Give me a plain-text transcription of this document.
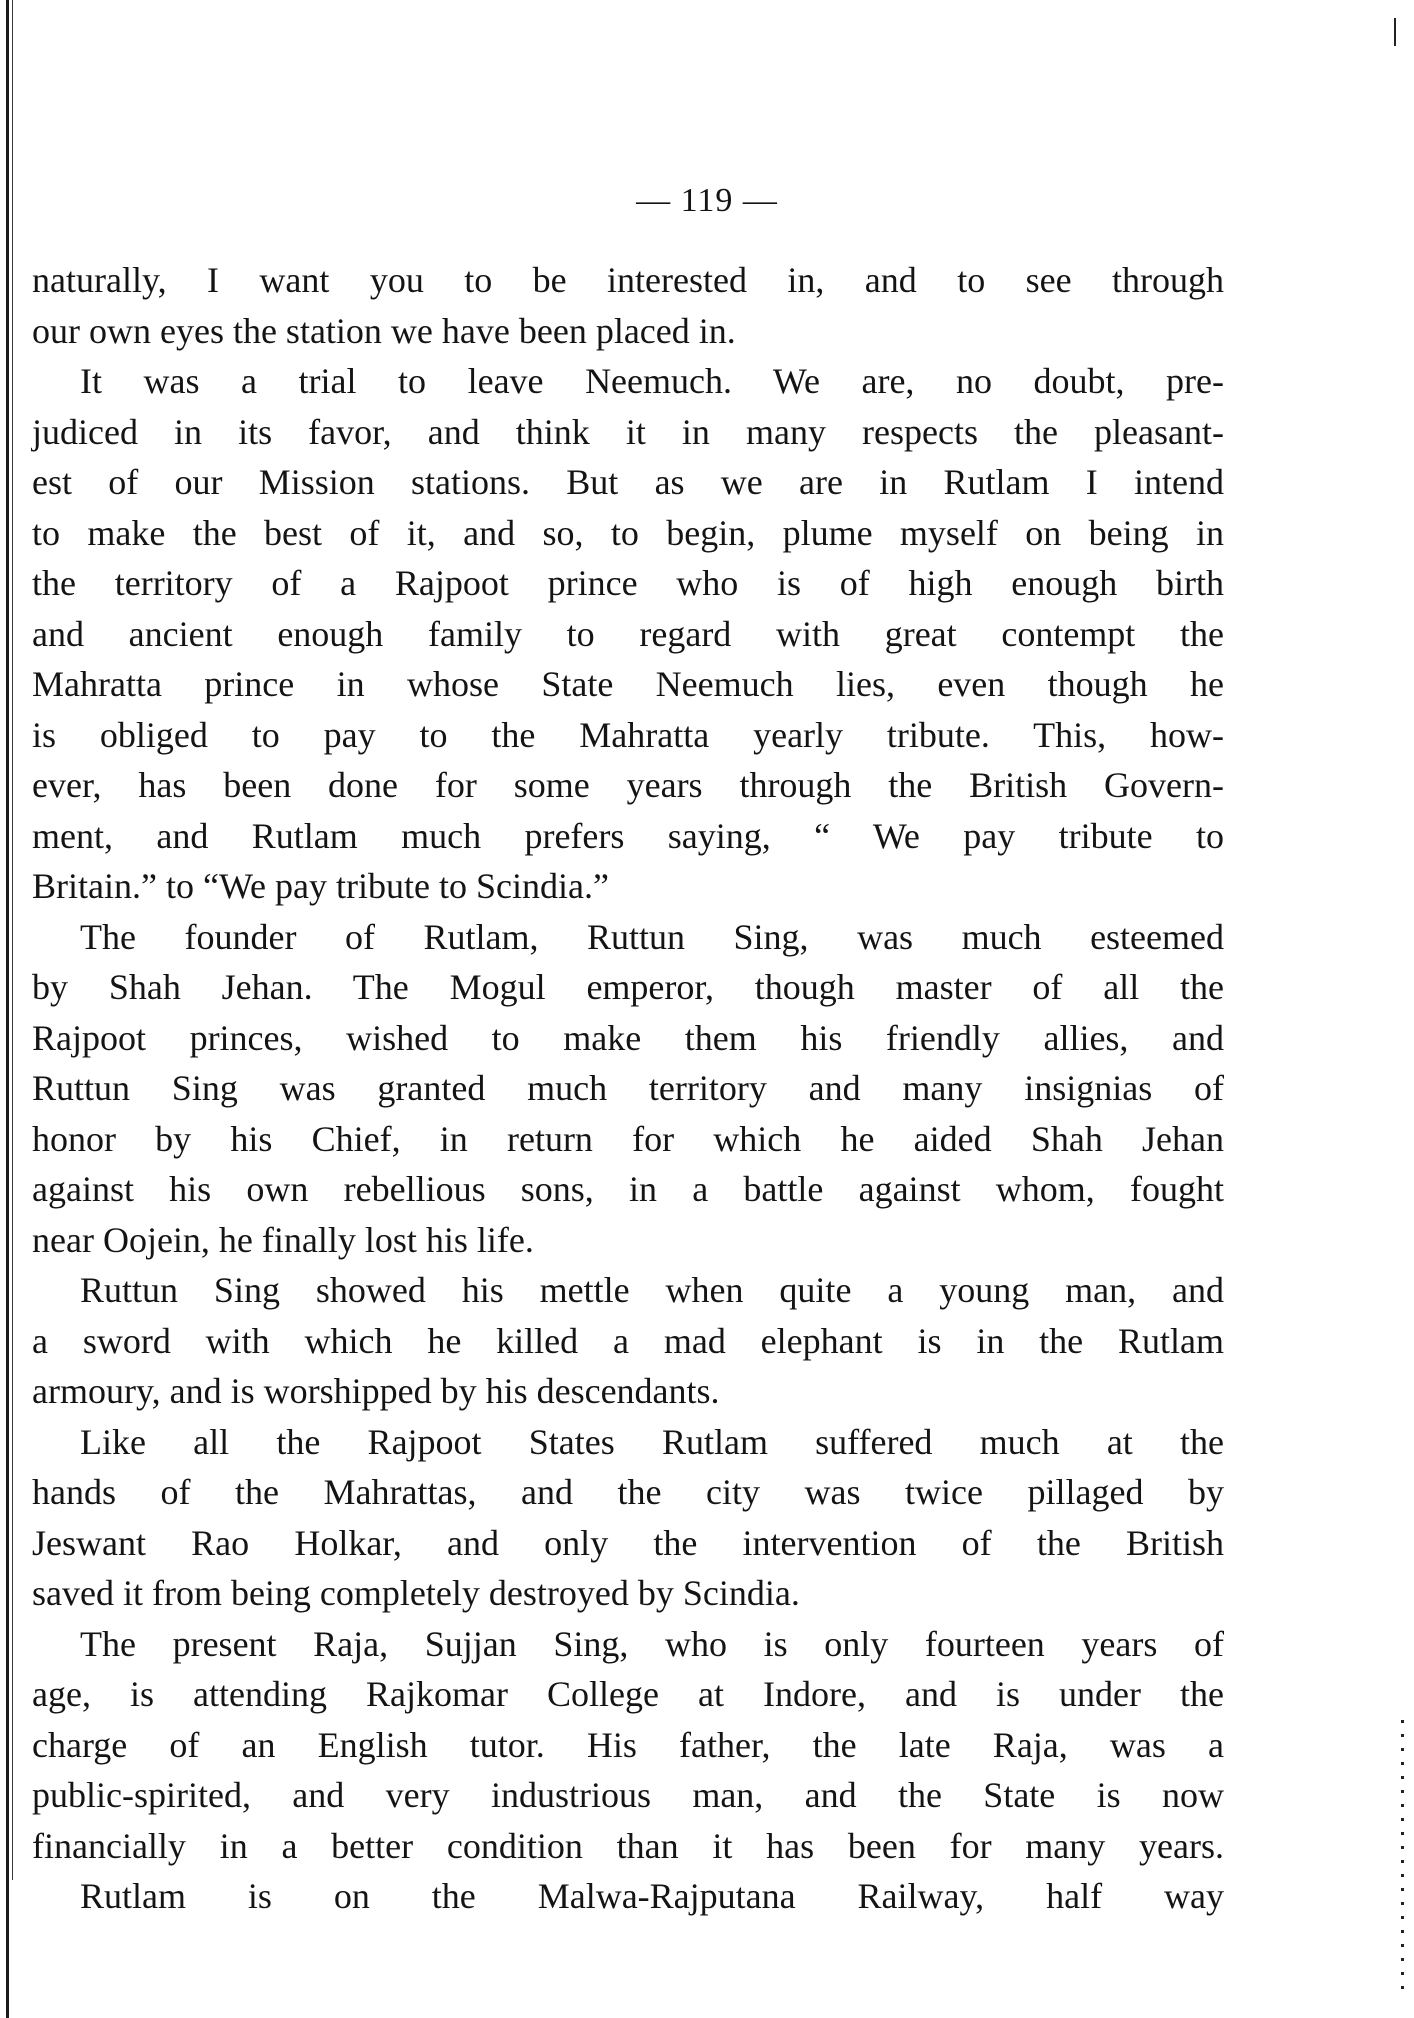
— 119 —
naturally, I want you to be interested in, and to see through
our own eyes the station we have been placed in.
It was a trial to leave Neemuch. We are, no doubt, pre-
judiced in its favor, and think it in many respects the pleasant-
est of our Mission stations. But as we are in Rutlam I intend
to make the best of it, and so, to begin, plume myself on being in
the territory of a Rajpoot prince who is of high enough birth
and ancient enough family to regard with great contempt the
Mahratta prince in whose State Neemuch lies, even though he
is obliged to pay to the Mahratta yearly tribute. This, how-
ever, has been done for some years through the British Govern-
ment, and Rutlam much prefers saying, “ We pay tribute to
Britain.” to “We pay tribute to Scindia.”
The founder of Rutlam, Ruttun Sing, was much esteemed
by Shah Jehan. The Mogul emperor, though master of all the
Rajpoot princes, wished to make them his friendly allies, and
Ruttun Sing was granted much territory and many insignias of
honor by his Chief, in return for which he aided Shah Jehan
against his own rebellious sons, in a battle against whom, fought
near Oojein, he finally lost his life.
Ruttun Sing showed his mettle when quite a young man, and
a sword with which he killed a mad elephant is in the Rutlam
armoury, and is worshipped by his descendants.
Like all the Rajpoot States Rutlam suffered much at the
hands of the Mahrattas, and the city was twice pillaged by
Jeswant Rao Holkar, and only the intervention of the British
saved it from being completely destroyed by Scindia.
The present Raja, Sujjan Sing, who is only fourteen years of
age, is attending Rajkomar College at Indore, and is under the
charge of an English tutor. His father, the late Raja, was a
public-spirited, and very industrious man, and the State is now
financially in a better condition than it has been for many years.
Rutlam is on the Malwa-Rajputana Railway, half way
